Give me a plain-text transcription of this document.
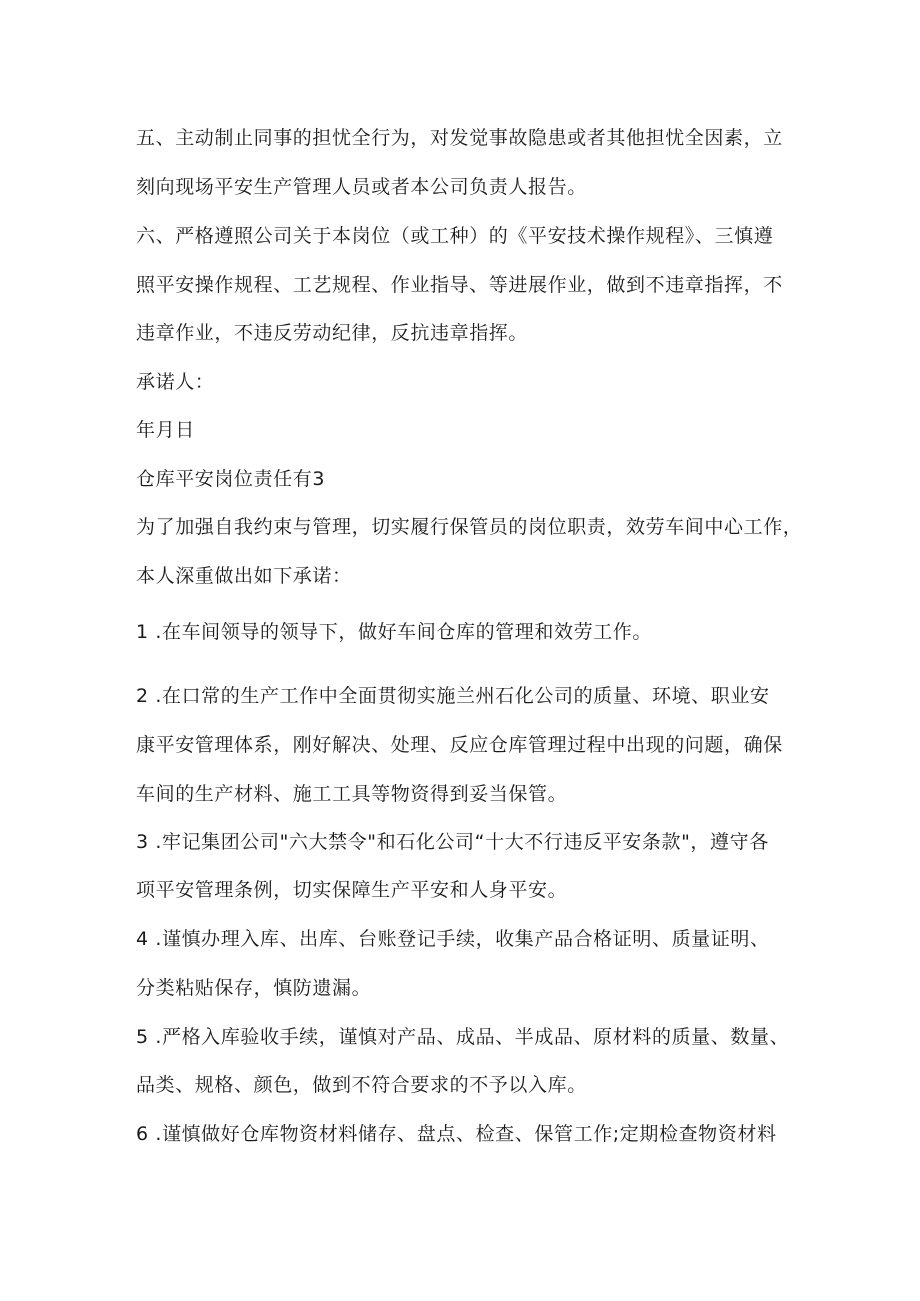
五、主动制止同事的担忧全行为，对发觉事故隐患或者其他担忧全因素，立

刻向现场平安生产管理人员或者本公司负责人报告。

六、严格遵照公司关于本岗位（或工种）的《平安技术操作规程》、三慎遵

照平安操作规程、工艺规程、作业指导、等进展作业，做到不违章指挥，不

违章作业，不违反劳动纪律，反抗违章指挥。

承诺人：

年月日

仓库平安岗位责任有3

为了加强自我约束与管理，切实履行保管员的岗位职责，效劳车间中心工作，

本人深重做出如下承诺：

1 .在车间领导的领导下，做好车间仓库的管理和效劳工作。

2 .在口常的生产工作中全面贯彻实施兰州石化公司的质量、环境、职业安

康平安管理体系，刚好解决、处理、反应仓库管理过程中出现的问题，确保

车间的生产材料、施工工具等物资得到妥当保管。

3 .牢记集团公司"六大禁令"和石化公司“十大不行违反平安条款"，遵守各

项平安管理条例，切实保障生产平安和人身平安。

4 .谨慎办理入库、出库、台账登记手续，收集产品合格证明、质量证明、

分类粘贴保存，慎防遗漏。

5 .严格入库验收手续，谨慎对产品、成品、半成品、原材料的质量、数量、

品类、规格、颜色，做到不符合要求的不予以入库。

6 .谨慎做好仓库物资材料储存、盘点、检查、保管工作;定期检查物资材料
